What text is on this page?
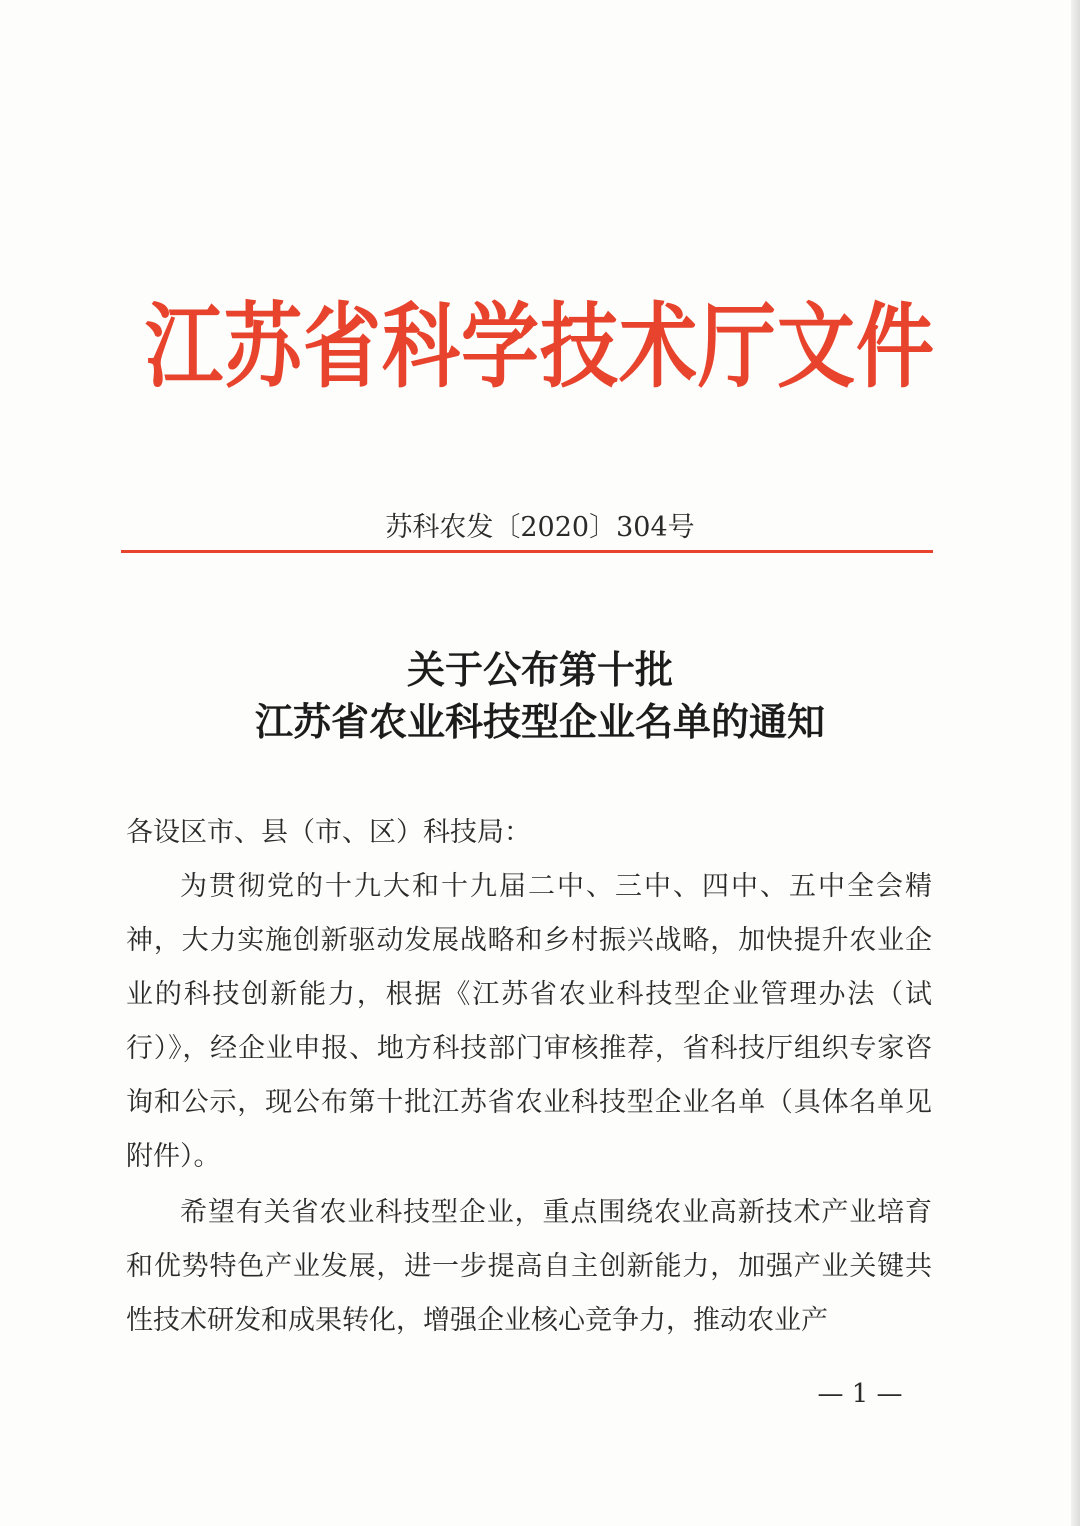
江苏省科学技术厅文件
苏科农发〔2020〕304号
关于公布第十批
江苏省农业科技型企业名单的通知

各设区市、县（市、区）科技局：

为贯彻党的十九大和十九届二中、三中、四中、五中全会精神，大力实施创新驱动发展战略和乡村振兴战略，加快提升农业企业的科技创新能力，根据《江苏省农业科技型企业管理办法（试行）》，经企业申报、地方科技部门审核推荐，省科技厅组织专家咨询和公示，现公布第十批江苏省农业科技型企业名单（具体名单见附件）。

希望有关省农业科技型企业，重点围绕农业高新技术产业培育和优势特色产业发展，进一步提高自主创新能力，加强产业关键共性技术研发和成果转化，增强企业核心竞争力，推动农业产

— 1 —
